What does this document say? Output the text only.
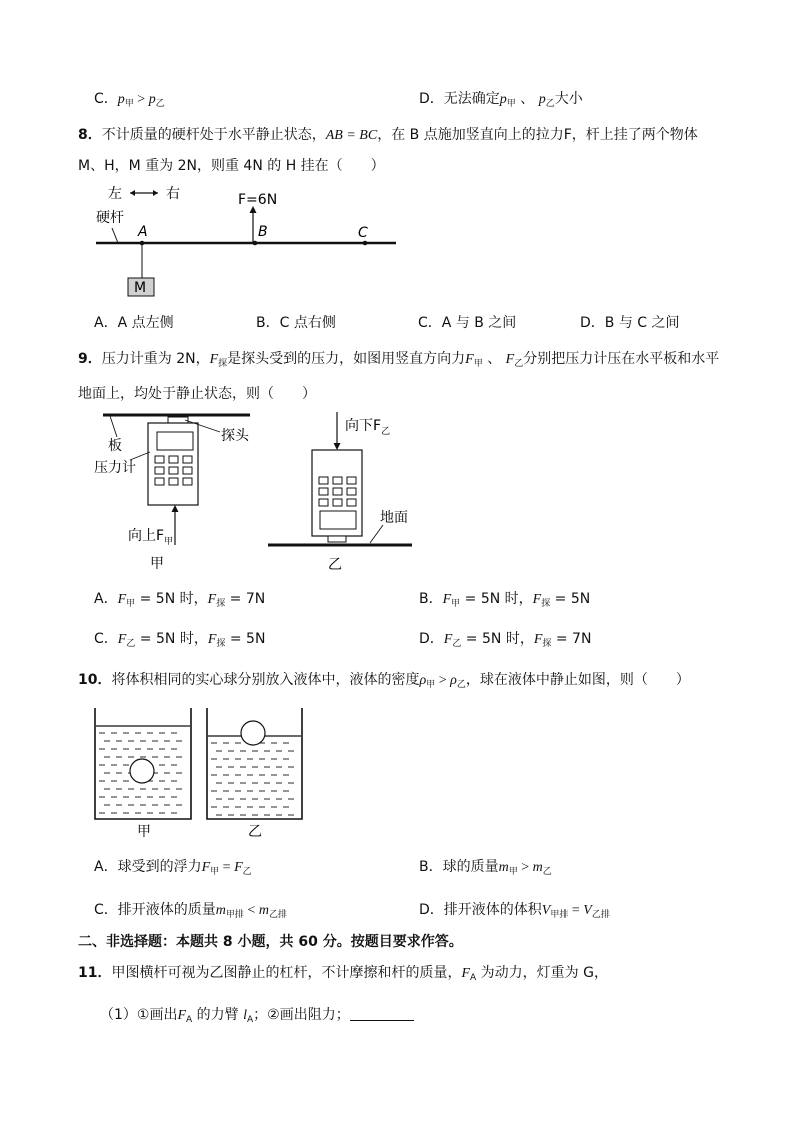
C．$p_甲 > p_乙$	D．无法确定$p_甲$ 、 $p_乙$大小
8．不计质量的硬杆处于水平静止状态，AB = BC，在 B 点施加竖直向上的拉力F，杆上挂了两个物体
M、H，M 重为 2N，则重 4N 的 H 挂在（　　）
左	右
硬杆
A	B	C
F=6N
M
A．A 点左侧	B．C 点右侧	C．A 与 B 之间	D．B 与 C 之间
9．压力计重为 2N，$F_探$是探头受到的压力，如图用竖直方向力$F_甲$ 、 $F_乙$分别把压力计压在水平板和水平
地面上，均处于静止状态，则（　　）
板
探头
压力计
向上$F_甲$
甲
向下$F_乙$
地面
乙
A．$F_甲 = 5N$ 时，$F_探 = 7N$	B．$F_甲 = 5N$ 时，$F_探 = 5N$
C．$F_乙 = 5N$ 时，$F_探 = 5N$	D．$F_乙 = 5N$ 时，$F_探 = 7N$
10．将体积相同的实心球分别放入液体中，液体的密度$\rho_甲 > \rho_乙$，球在液体中静止如图，则（　　）
甲	乙
A．球受到的浮力$F_甲 = F_乙$	B．球的质量$m_甲 > m_乙$
C．排开液体的质量$m_{甲排} < m_{乙排}$	D．排开液体的体积$V_{甲排} = V_{乙排}$
二、非选择题：本题共 8 小题，共 60 分。按题目要求作答。
11．甲图横杆可视为乙图静止的杠杆，不计摩擦和杆的质量，$F_A$ 为动力，灯重为 G，
（1）①画出$F_A$ 的力臂 $l_A$；②画出阻力；
